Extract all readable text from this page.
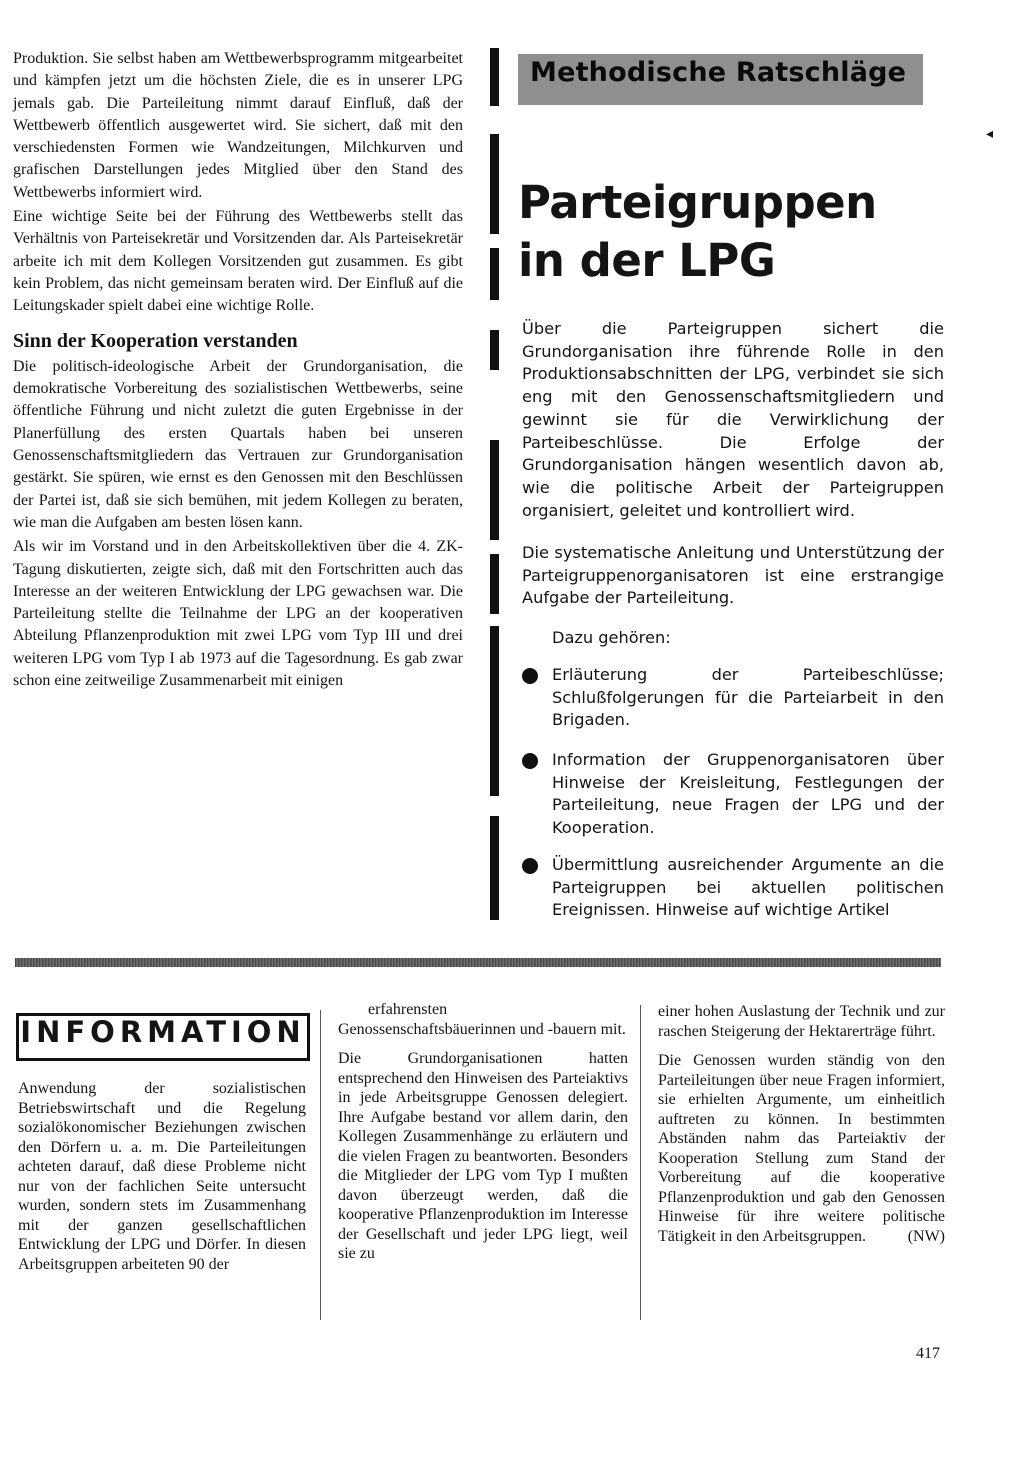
Produktion. Sie selbst haben am Wettbewerbsprogramm mitgearbeitet und kämpfen jetzt um die höchsten Ziele, die es in unserer LPG jemals gab. Die Parteileitung nimmt darauf Einfluß, daß der Wettbewerb öffentlich ausgewertet wird. Sie sichert, daß mit den verschiedensten Formen wie Wandzeitungen, Milchkurven und grafischen Darstellungen jedes Mitglied über den Stand des Wettbewerbs informiert wird.

Eine wichtige Seite bei der Führung des Wettbewerbs stellt das Verhältnis von Parteisekretär und Vorsitzenden dar. Als Parteisekretär arbeite ich mit dem Kollegen Vorsitzenden gut zusammen. Es gibt kein Problem, das nicht gemeinsam beraten wird. Der Einfluß auf die Leitungskader spielt dabei eine wichtige Rolle.

Sinn der Kooperation verstanden

Die politisch-ideologische Arbeit der Grundorganisation, die demokratische Vorbereitung des sozialistischen Wettbewerbs, seine öffentliche Führung und nicht zuletzt die guten Ergebnisse in der Planerfüllung des ersten Quartals haben bei unseren Genossenschaftsmitgliedern das Vertrauen zur Grundorganisation gestärkt. Sie spüren, wie ernst es den Genossen mit den Beschlüssen der Partei ist, daß sie sich bemühen, mit jedem Kollegen zu beraten, wie man die Aufgaben am besten lösen kann.

Als wir im Vorstand und in den Arbeitskollektiven über die 4. ZK-Tagung diskutierten, zeigte sich, daß mit den Fortschritten auch das Interesse an der weiteren Entwicklung der LPG gewachsen war. Die Parteileitung stellte die Teilnahme der LPG an der kooperativen Abteilung Pflanzenproduktion mit zwei LPG vom Typ III und drei weiteren LPG vom Typ I ab 1973 auf die Tagesordnung. Es gab zwar schon eine zeitweilige Zusammenarbeit mit einigen

Methodische Ratschläge
◂
Parteigruppen
in der LPG
Über die Parteigruppen sichert die Grundorganisation ihre führende Rolle in den Produktionsabschnitten der LPG, verbindet sie sich eng mit den Genossenschaftsmitgliedern und gewinnt sie für die Verwirklichung der Parteibeschlüsse. Die Erfolge der Grundorganisation hängen wesentlich davon ab, wie die politische Arbeit der Parteigruppen organisiert, geleitet und kontrolliert wird.
Die systematische Anleitung und Unterstützung der Parteigruppenorganisatoren ist eine erstrangige Aufgabe der Parteileitung.
Dazu gehören:
Erläuterung der Parteibeschlüsse; Schlußfolgerungen für die Parteiarbeit in den Brigaden.
Information der Gruppenorganisatoren über Hinweise der Kreisleitung, Festlegungen der Parteileitung, neue Fragen der LPG und der Kooperation.
Übermittlung ausreichender Argumente an die Parteigruppen bei aktuellen politischen Ereignissen. Hinweise auf wichtige Artikel
INFORMATION
Anwendung der sozialistischen Betriebswirtschaft und die Regelung sozialökonomischer Beziehungen zwischen den Dörfern u. a. m. Die Parteileitungen achteten darauf, daß diese Probleme nicht nur von der fachlichen Seite untersucht wurden, sondern stets im Zusammenhang mit der ganzen gesellschaftlichen Entwicklung der LPG und Dörfer. In diesen Arbeitsgruppen arbeiteten 90 der

erfahrensten Genossenschaftsbäuerinnen und -bauern mit.

Die Grundorganisationen hatten entsprechend den Hinweisen des Parteiaktivs in jede Arbeitsgruppe Genossen delegiert. Ihre Aufgabe bestand vor allem darin, den Kollegen Zusammenhänge zu erläutern und die vielen Fragen zu beantworten. Besonders die Mitglieder der LPG vom Typ I mußten davon überzeugt werden, daß die kooperative Pflanzenproduktion im Interesse der Gesellschaft und jeder LPG liegt, weil sie zu

einer hohen Auslastung der Technik und zur raschen Steigerung der Hektarerträge führt.

Die Genossen wurden ständig von den Parteileitungen über neue Fragen informiert, sie erhielten Argumente, um einheitlich auftreten zu können. In bestimmten Abständen nahm das Parteiaktiv der Kooperation Stellung zum Stand der Vorbereitung auf die kooperative Pflanzenproduktion und gab den Genossen Hinweise für ihre weitere politische Tätigkeit in den Arbeitsgruppen.	(NW)

417
